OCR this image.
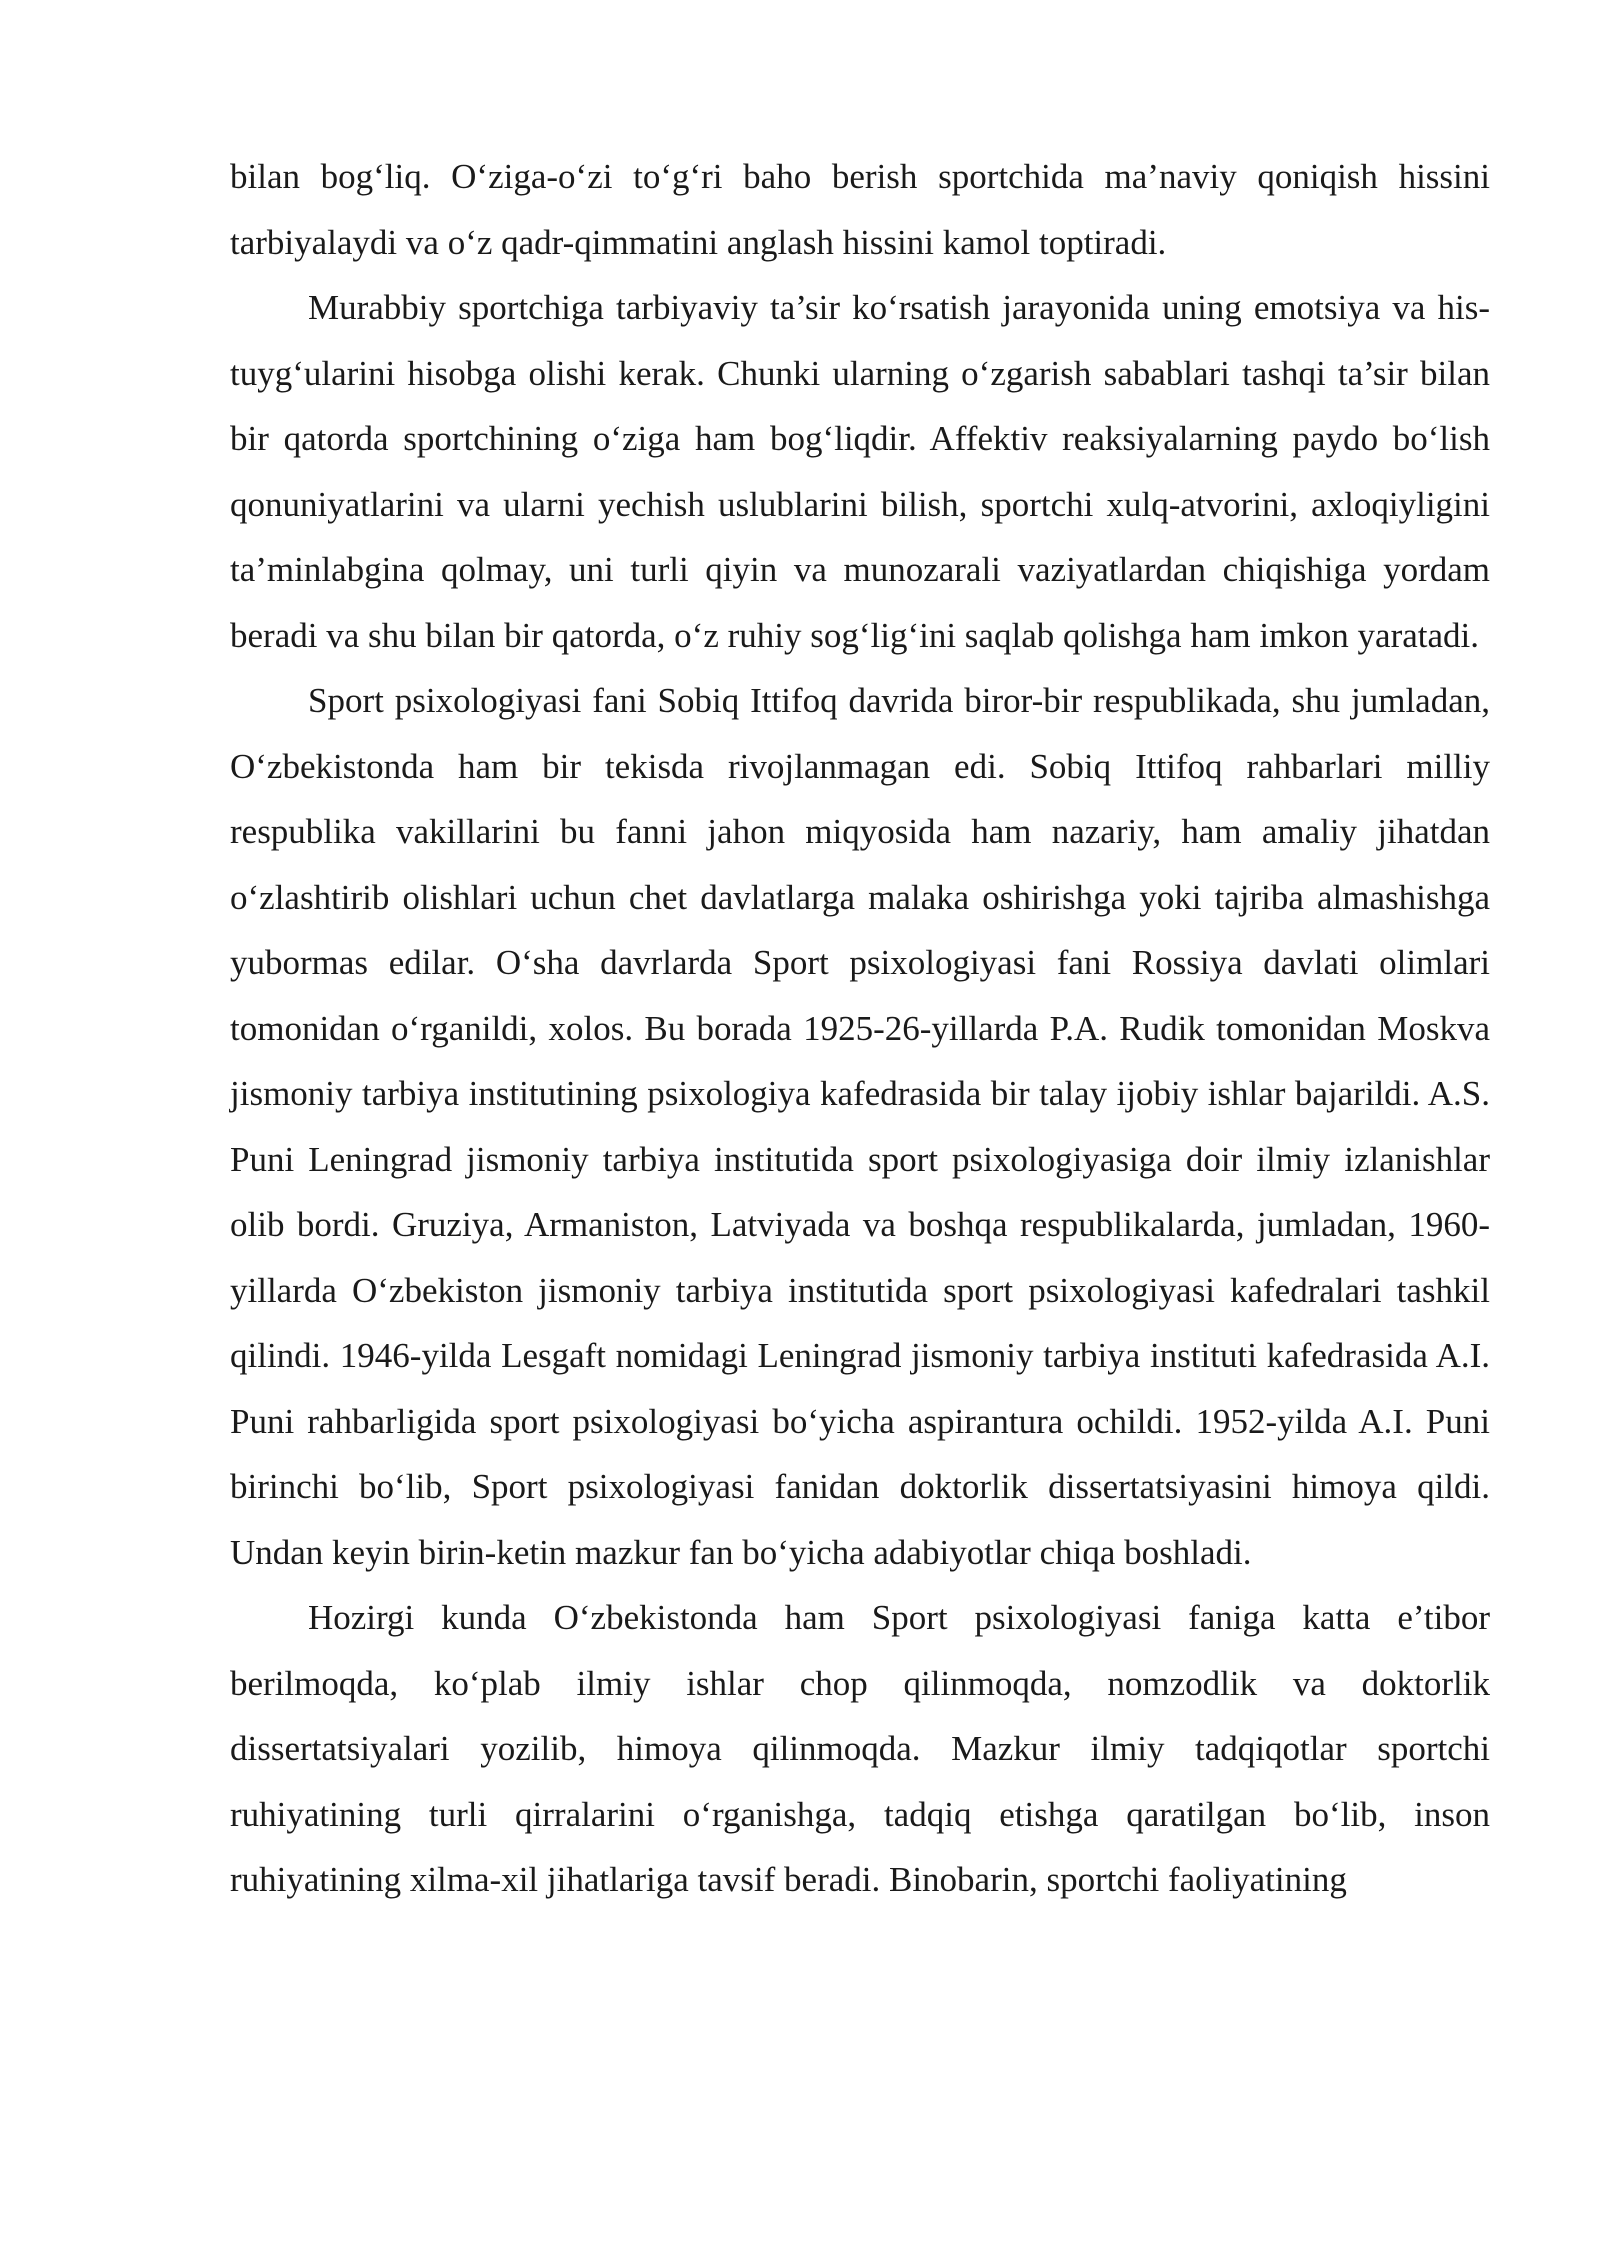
bilan bog‘liq. O‘ziga-o‘zi to‘g‘ri baho berish sportchida ma’naviy qoniqish hissini tarbiyalaydi va o‘z qadr-qimmatini anglash hissini kamol toptiradi.

Murabbiy sportchiga tarbiyaviy ta’sir ko‘rsatish jarayonida uning emotsiya va his-tuyg‘ularini hisobga olishi kerak. Chunki ularning o‘zgarish sabablari tashqi ta’sir bilan bir qatorda sportchining o‘ziga ham bog‘liqdir. Affektiv reaksiyalarning paydo bo‘lish qonuniyatlarini va ularni yechish uslublarini bilish, sportchi xulq-atvorini, axloqiyligini ta’minlabgina qolmay, uni turli qiyin va munozarali vaziyatlardan chiqishiga yordam beradi va shu bilan bir qatorda, o‘z ruhiy sog‘lig‘ini saqlab qolishga ham imkon yaratadi.

Sport psixologiyasi fani Sobiq Ittifoq davrida biror-bir respublikada, shu jumladan, O‘zbekistonda ham bir tekisda rivojlanmagan edi. Sobiq Ittifoq rahbarlari milliy respublika vakillarini bu fanni jahon miqyosida ham nazariy, ham amaliy jihatdan o‘zlashtirib olishlari uchun chet davlatlarga malaka oshirishga yoki tajriba almashishga yubormas edilar. O‘sha davrlarda Sport psixologiyasi fani Rossiya davlati olimlari tomonidan o‘rganildi, xolos. Bu borada 1925-26-yillarda P.A. Rudik tomonidan Moskva jismoniy tarbiya institutining psixologiya kafedrasida bir talay ijobiy ishlar bajarildi. A.S. Puni Leningrad jismoniy tarbiya institutida sport psixologiyasiga doir ilmiy izlanishlar olib bordi. Gruziya, Armaniston, Latviyada va boshqa respublikalarda, jumladan, 1960-yillarda O‘zbekiston jismoniy tarbiya institutida sport psixologiyasi kafedralari tashkil qilindi. 1946-yilda Lesgaft nomidagi Leningrad jismoniy tarbiya instituti kafedrasida A.I. Puni rahbarligida sport psixologiyasi bo‘yicha aspirantura ochildi. 1952-yilda A.I. Puni birinchi bo‘lib, Sport psixologiyasi fanidan doktorlik dissertatsiyasini himoya qildi. Undan keyin birin-ketin mazkur fan bo‘yicha adabiyotlar chiqa boshladi.

Hozirgi kunda O‘zbekistonda ham Sport psixologiyasi faniga katta e’tibor berilmoqda, ko‘plab ilmiy ishlar chop qilinmoqda, nomzodlik va doktorlik dissertatsiyalari yozilib, himoya qilinmoqda. Mazkur ilmiy tadqiqotlar sportchi ruhiyatining turli qirralarini o‘rganishga, tadqiq etishga qaratilgan bo‘lib, inson ruhiyatining xilma-xil jihatlariga tavsif beradi. Binobarin, sportchi faoliyatining
